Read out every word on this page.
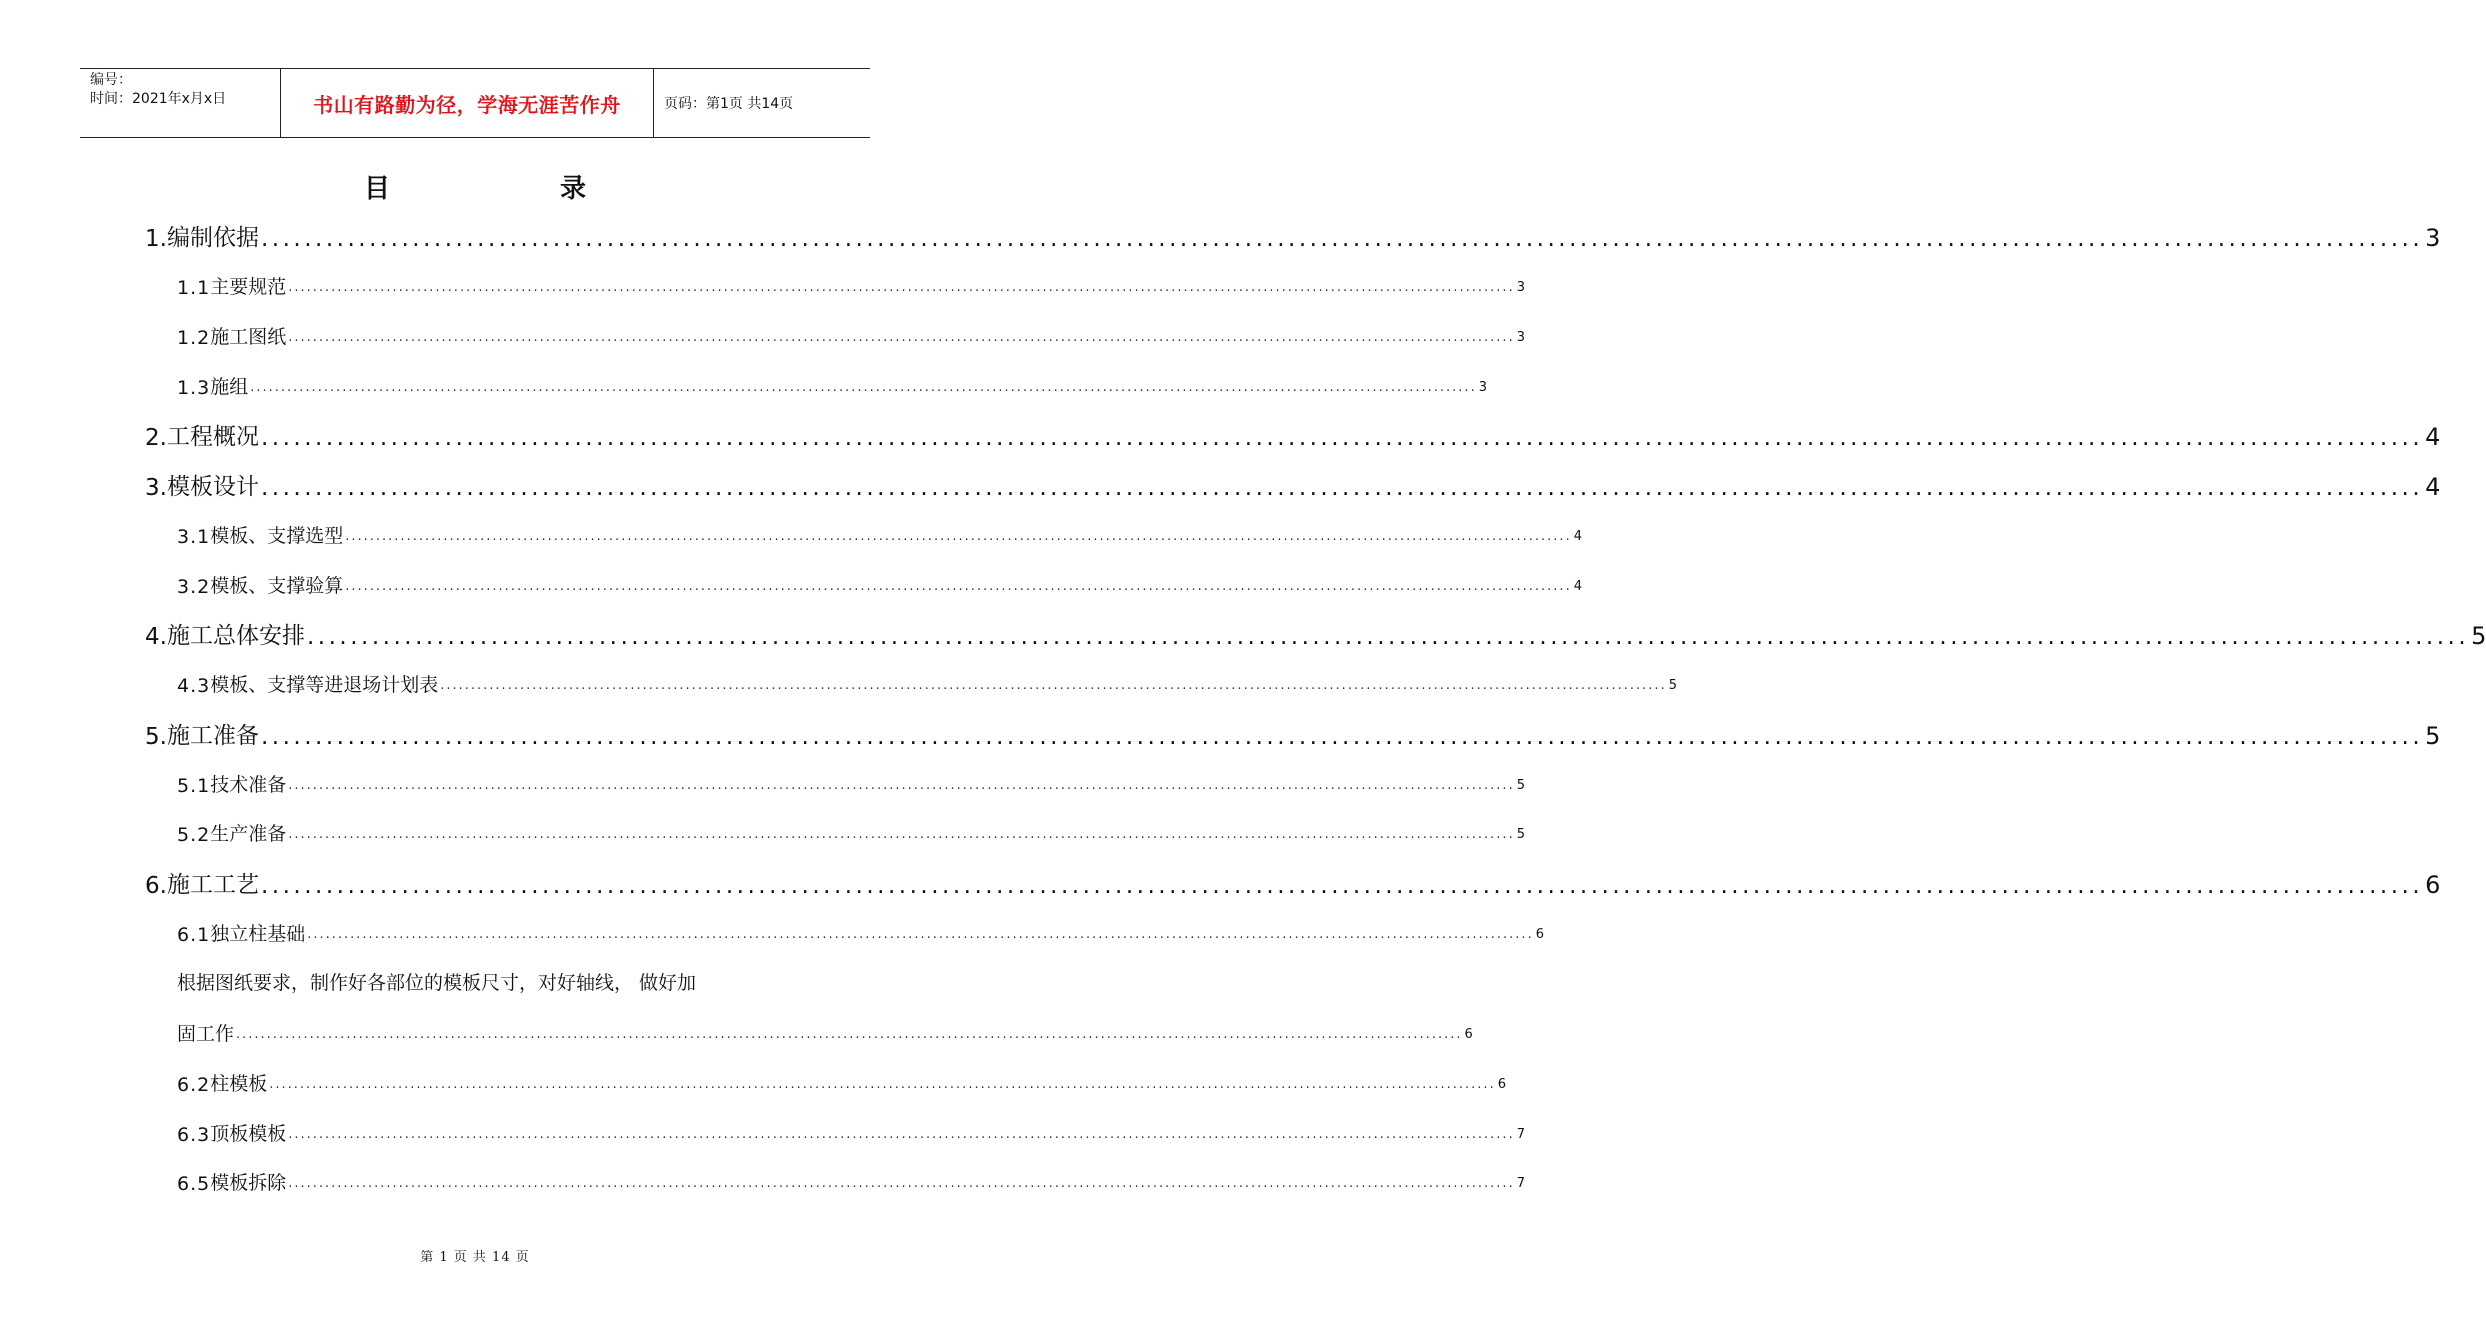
编号：
时间：2021年x月x日	书山有路勤为径，学海无涯苦作舟	页码：第1页 共14页
目	录
1. 编制依据 ........................................................................................................................................................................................................ 3
1.1 主要规范 ........................................................................................................................................................................................................ 3
1.2 施工图纸 ........................................................................................................................................................................................................ 3
1.3 施组 ........................................................................................................................................................................................................ 3
2. 工程概况 ........................................................................................................................................................................................................ 4
3. 模板设计 ........................................................................................................................................................................................................ 4
3.1 模板、支撑选型 ........................................................................................................................................................................................................ 4
3.2 模板、支撑验算 ........................................................................................................................................................................................................ 4
4. 施工总体安排 ........................................................................................................................................................................................................ 5
4.3 模板、支撑等进退场计划表 ........................................................................................................................................................................................................ 5
5. 施工准备 ........................................................................................................................................................................................................ 5
5.1 技术准备 ........................................................................................................................................................................................................ 5
5.2 生产准备 ........................................................................................................................................................................................................ 5
6. 施工工艺 ........................................................................................................................................................................................................ 6
6.1 独立柱基础 ........................................................................................................................................................................................................ 6
根据图纸要求，制作好各部位的模板尺寸，对好轴线， 做好加
固工作 ........................................................................................................................................................................................................ 6
6.2 柱模板 ........................................................................................................................................................................................................ 6
6.3 顶板模板 ........................................................................................................................................................................................................ 7
6.5 模板拆除 ........................................................................................................................................................................................................ 7
第 1 页 共 14 页
